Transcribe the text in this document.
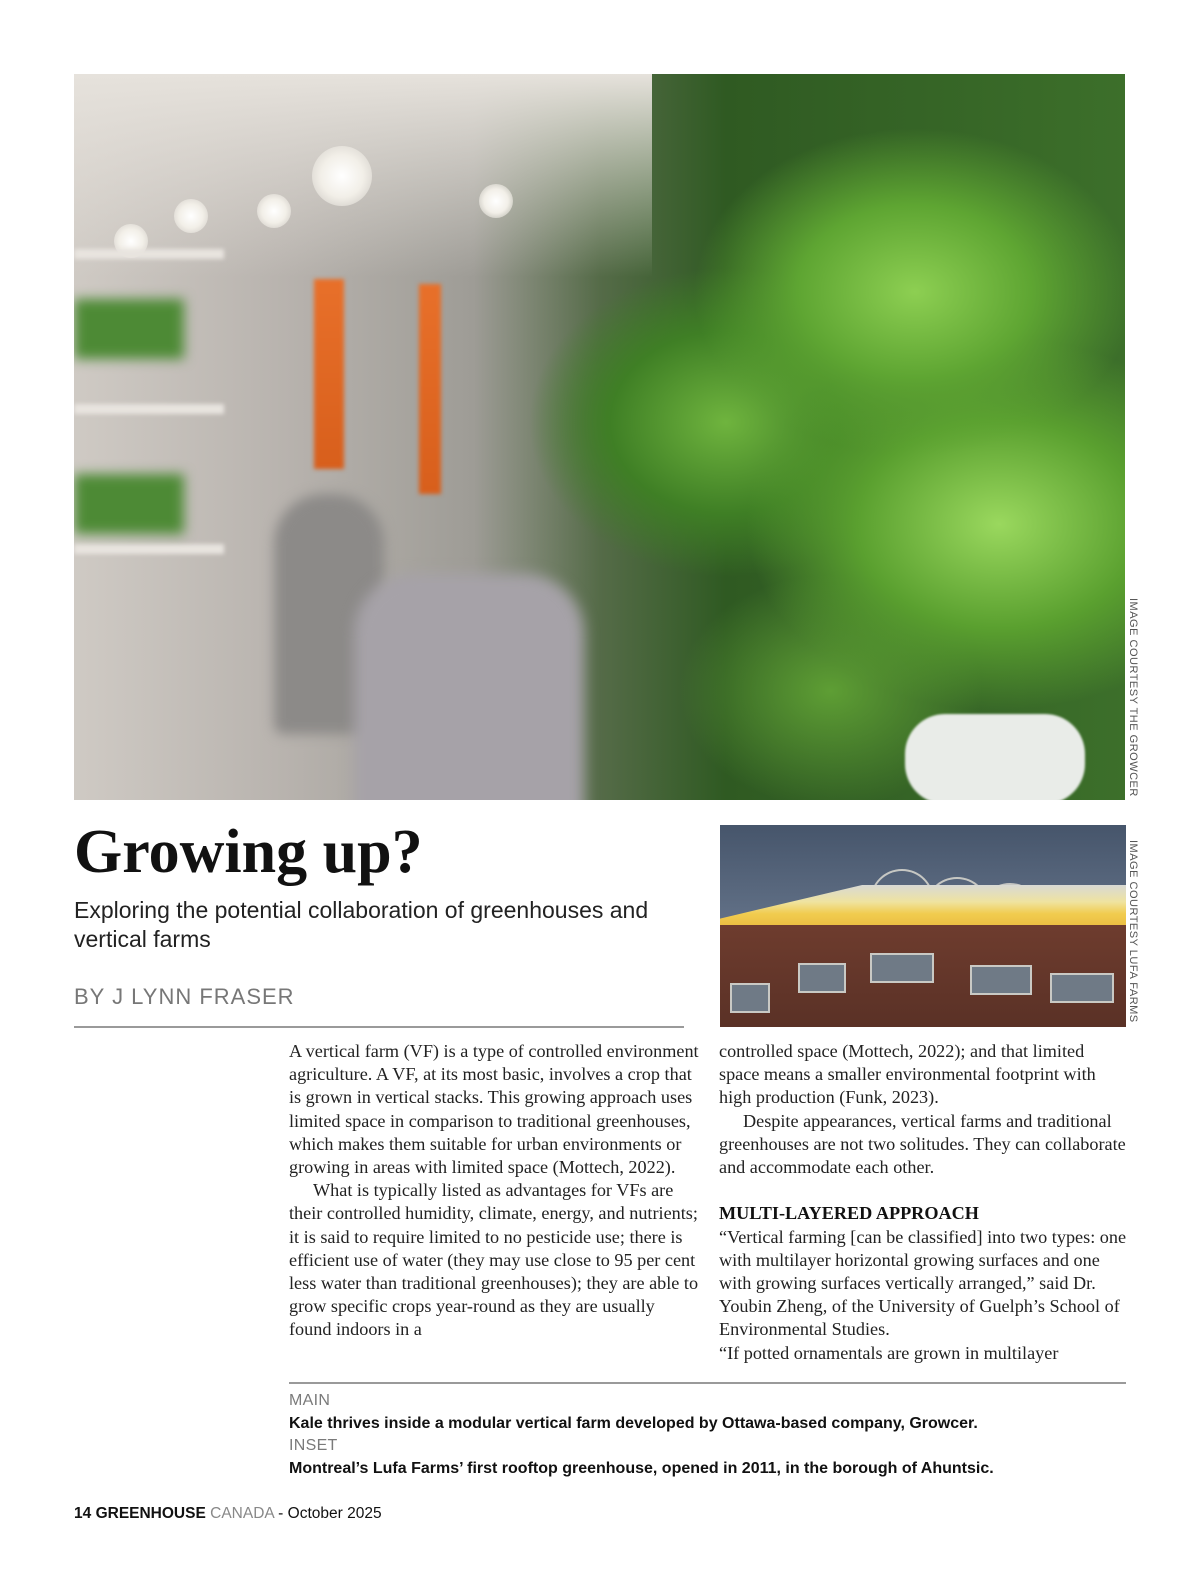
IMAGE COURTESY THE GROWCER
Growing up?
Exploring the potential collaboration of greenhouses and vertical farms
BY J LYNN FRASER	IMAGE COURTESY LUFA FARMS

A vertical farm (VF) is a type of controlled environment agriculture. A VF, at its most basic, involves a crop that is grown in vertical stacks. This growing approach uses limited space in comparison to traditional greenhouses, which makes them suitable for urban environments or growing in areas with limited space (Mottech, 2022).

What is typically listed as advantages for VFs are their controlled humidity, climate, energy, and nutrients; it is said to require limited to no pesticide use; there is efficient use of water (they may use close to 95 per cent less water than traditional greenhouses); they are able to grow specific crops year-round as they are usually found indoors in a

controlled space (Mottech, 2022); and that limited space means a smaller environmental footprint with high production (Funk, 2023).

Despite appearances, vertical farms and traditional greenhouses are not two solitudes. They can collaborate and accommodate each other.

MULTI-LAYERED APPROACH

“Vertical farming [can be classified] into two types: one with multilayer horizontal growing surfaces and one with growing surfaces vertically arranged,” said Dr. Youbin Zheng, of the University of Guelph’s School of Environmental Studies.

“If potted ornamentals are grown in multilayer

MAIN
Kale thrives inside a modular vertical farm developed by Ottawa-based company, Growcer.
INSET
Montreal’s Lufa Farms’ first rooftop greenhouse, opened in 2011, in the borough of Ahuntsic.
14 GREENHOUSE CANADA - October 2025
